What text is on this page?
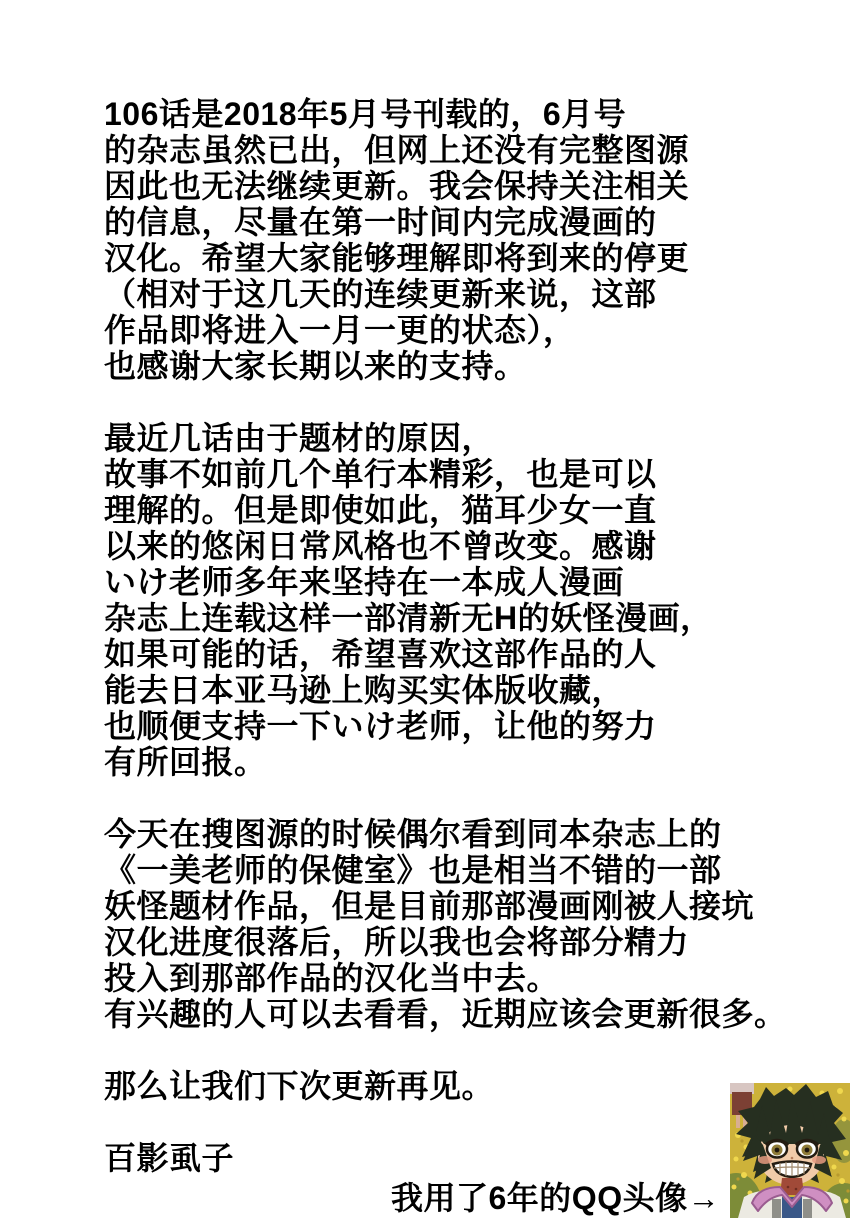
106话是2018年5月号刊载的，6月号
的杂志虽然已出，但网上还没有完整图源
因此也无法继续更新。我会保持关注相关
的信息，尽量在第一时间内完成漫画的
汉化。希望大家能够理解即将到来的停更
（相对于这几天的连续更新来说，这部
作品即将进入一月一更的状态），
也感谢大家长期以来的支持。
最近几话由于题材的原因，
故事不如前几个单行本精彩，也是可以
理解的。但是即使如此，猫耳少女一直
以来的悠闲日常风格也不曾改变。感谢
いけ老师多年来坚持在一本成人漫画
杂志上连载这样一部清新无H的妖怪漫画，
如果可能的话，希望喜欢这部作品的人
能去日本亚马逊上购买实体版收藏，
也顺便支持一下いけ老师，让他的努力
有所回报。
今天在搜图源的时候偶尔看到同本杂志上的
《一美老师的保健室》也是相当不错的一部
妖怪题材作品，但是目前那部漫画刚被人接坑
汉化进度很落后，所以我也会将部分精力
投入到那部作品的汉化当中去。
有兴趣的人可以去看看，近期应该会更新很多。
那么让我们下次更新再见。
百影虱子
我用了6年的QQ头像→
